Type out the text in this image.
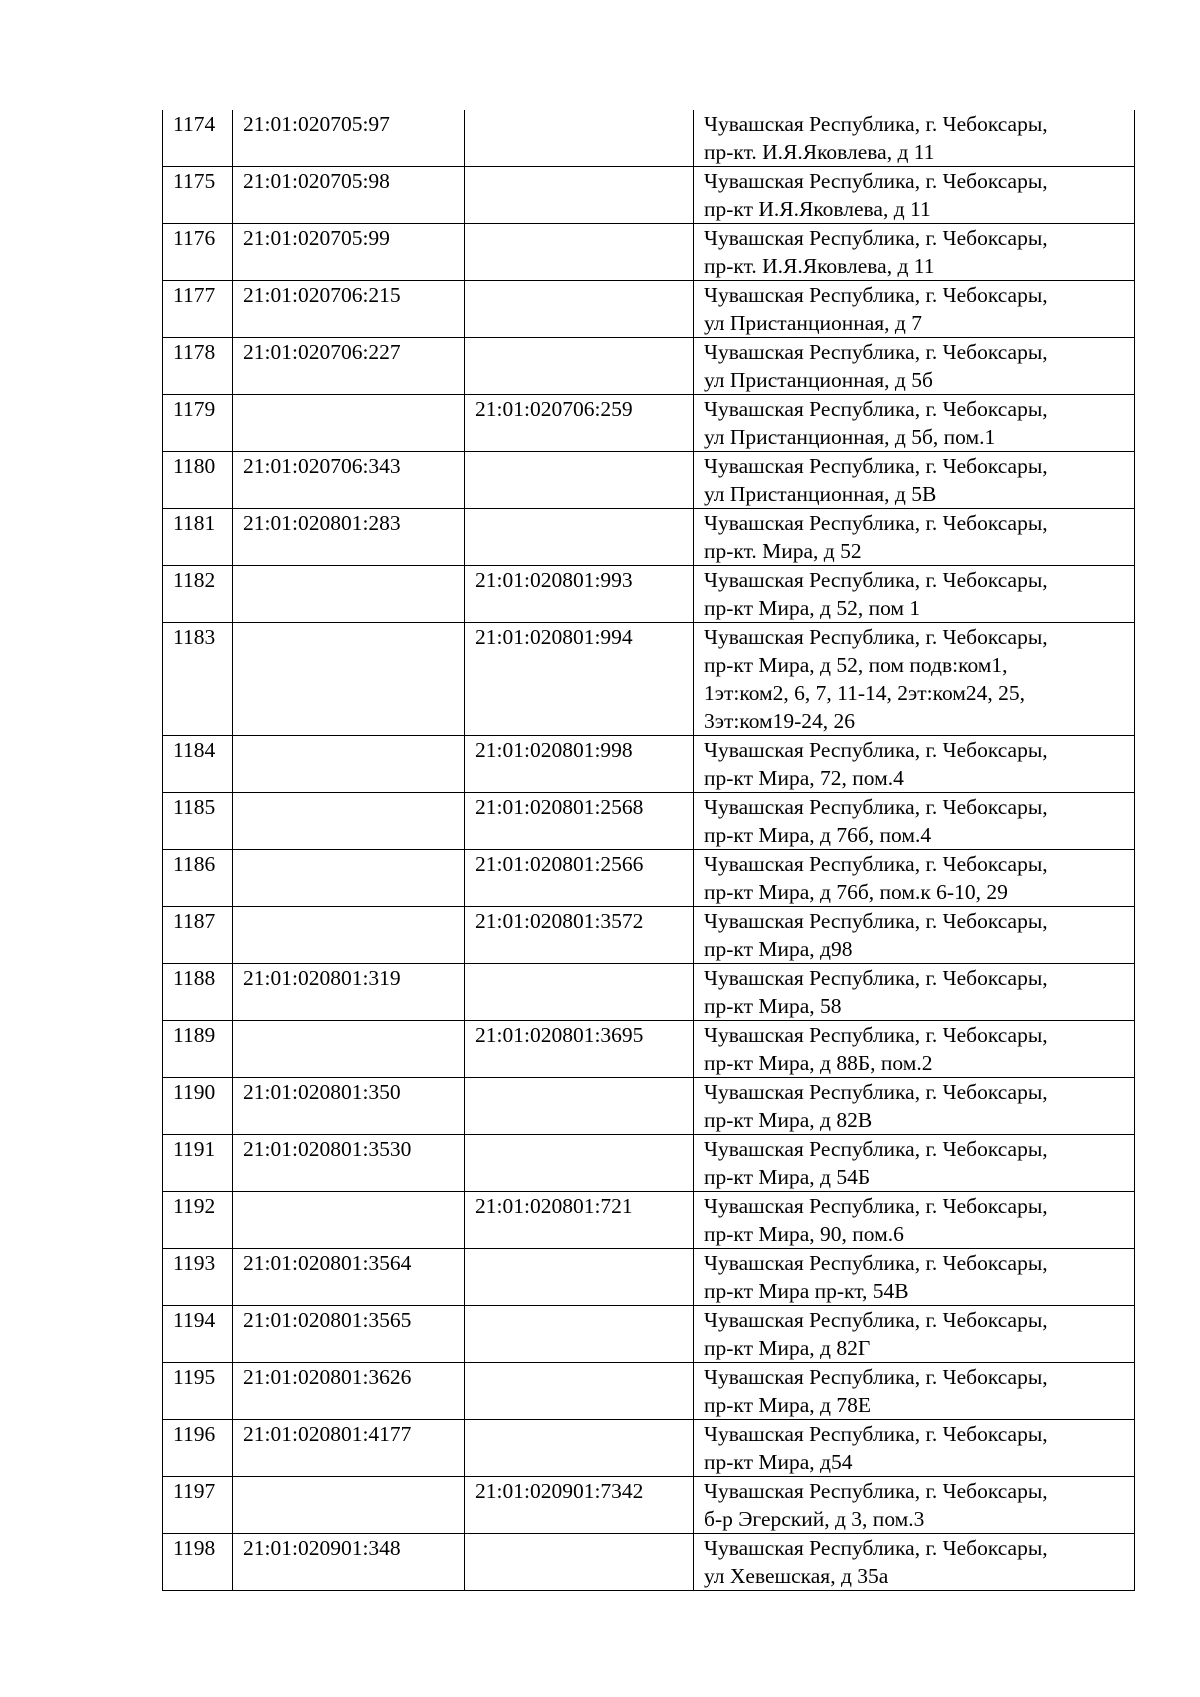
1174	21:01:020705:97		Чувашская Республика, г. Чебоксары,
пр-кт. И.Я.Яковлева, д 11

1175	21:01:020705:98		Чувашская Республика, г. Чебоксары,
пр-кт И.Я.Яковлева, д 11

1176	21:01:020705:99		Чувашская Республика, г. Чебоксары,
пр-кт. И.Я.Яковлева, д 11

1177	21:01:020706:215		Чувашская Республика, г. Чебоксары,
ул Пристанционная, д 7

1178	21:01:020706:227		Чувашская Республика, г. Чебоксары,
ул Пристанционная, д 5б

1179		21:01:020706:259	Чувашская Республика, г. Чебоксары,
ул Пристанционная, д 5б, пом.1

1180	21:01:020706:343		Чувашская Республика, г. Чебоксары,
ул Пристанционная, д 5В

1181	21:01:020801:283		Чувашская Республика, г. Чебоксары,
пр-кт. Мира, д 52

1182		21:01:020801:993	Чувашская Республика, г. Чебоксары,
пр-кт Мира, д 52, пом 1

1183		21:01:020801:994	Чувашская Республика, г. Чебоксары,
пр-кт Мира, д 52, пом подв:ком1,
1эт:ком2, 6, 7, 11-14, 2эт:ком24, 25,
3эт:ком19-24, 26

1184		21:01:020801:998	Чувашская Республика, г. Чебоксары,
пр-кт Мира, 72, пом.4

1185		21:01:020801:2568	Чувашская Республика, г. Чебоксары,
пр-кт Мира, д 76б, пом.4

1186		21:01:020801:2566	Чувашская Республика, г. Чебоксары,
пр-кт Мира, д 76б, пом.к 6-10, 29

1187		21:01:020801:3572	Чувашская Республика, г. Чебоксары,
пр-кт Мира, д98

1188	21:01:020801:319		Чувашская Республика, г. Чебоксары,
пр-кт Мира, 58

1189		21:01:020801:3695	Чувашская Республика, г. Чебоксары,
пр-кт Мира, д 88Б, пом.2

1190	21:01:020801:350		Чувашская Республика, г. Чебоксары,
пр-кт Мира, д 82В

1191	21:01:020801:3530		Чувашская Республика, г. Чебоксары,
пр-кт Мира, д 54Б

1192		21:01:020801:721	Чувашская Республика, г. Чебоксары,
пр-кт Мира, 90, пом.6

1193	21:01:020801:3564		Чувашская Республика, г. Чебоксары,
пр-кт Мира пр-кт, 54В

1194	21:01:020801:3565		Чувашская Республика, г. Чебоксары,
пр-кт Мира, д 82Г

1195	21:01:020801:3626		Чувашская Республика, г. Чебоксары,
пр-кт Мира, д 78Е

1196	21:01:020801:4177		Чувашская Республика, г. Чебоксары,
пр-кт Мира, д54

1197		21:01:020901:7342	Чувашская Республика, г. Чебоксары,
б-р Эгерский, д 3, пом.3

1198	21:01:020901:348		Чувашская Республика, г. Чебоксары,
ул Хевешская, д 35а
